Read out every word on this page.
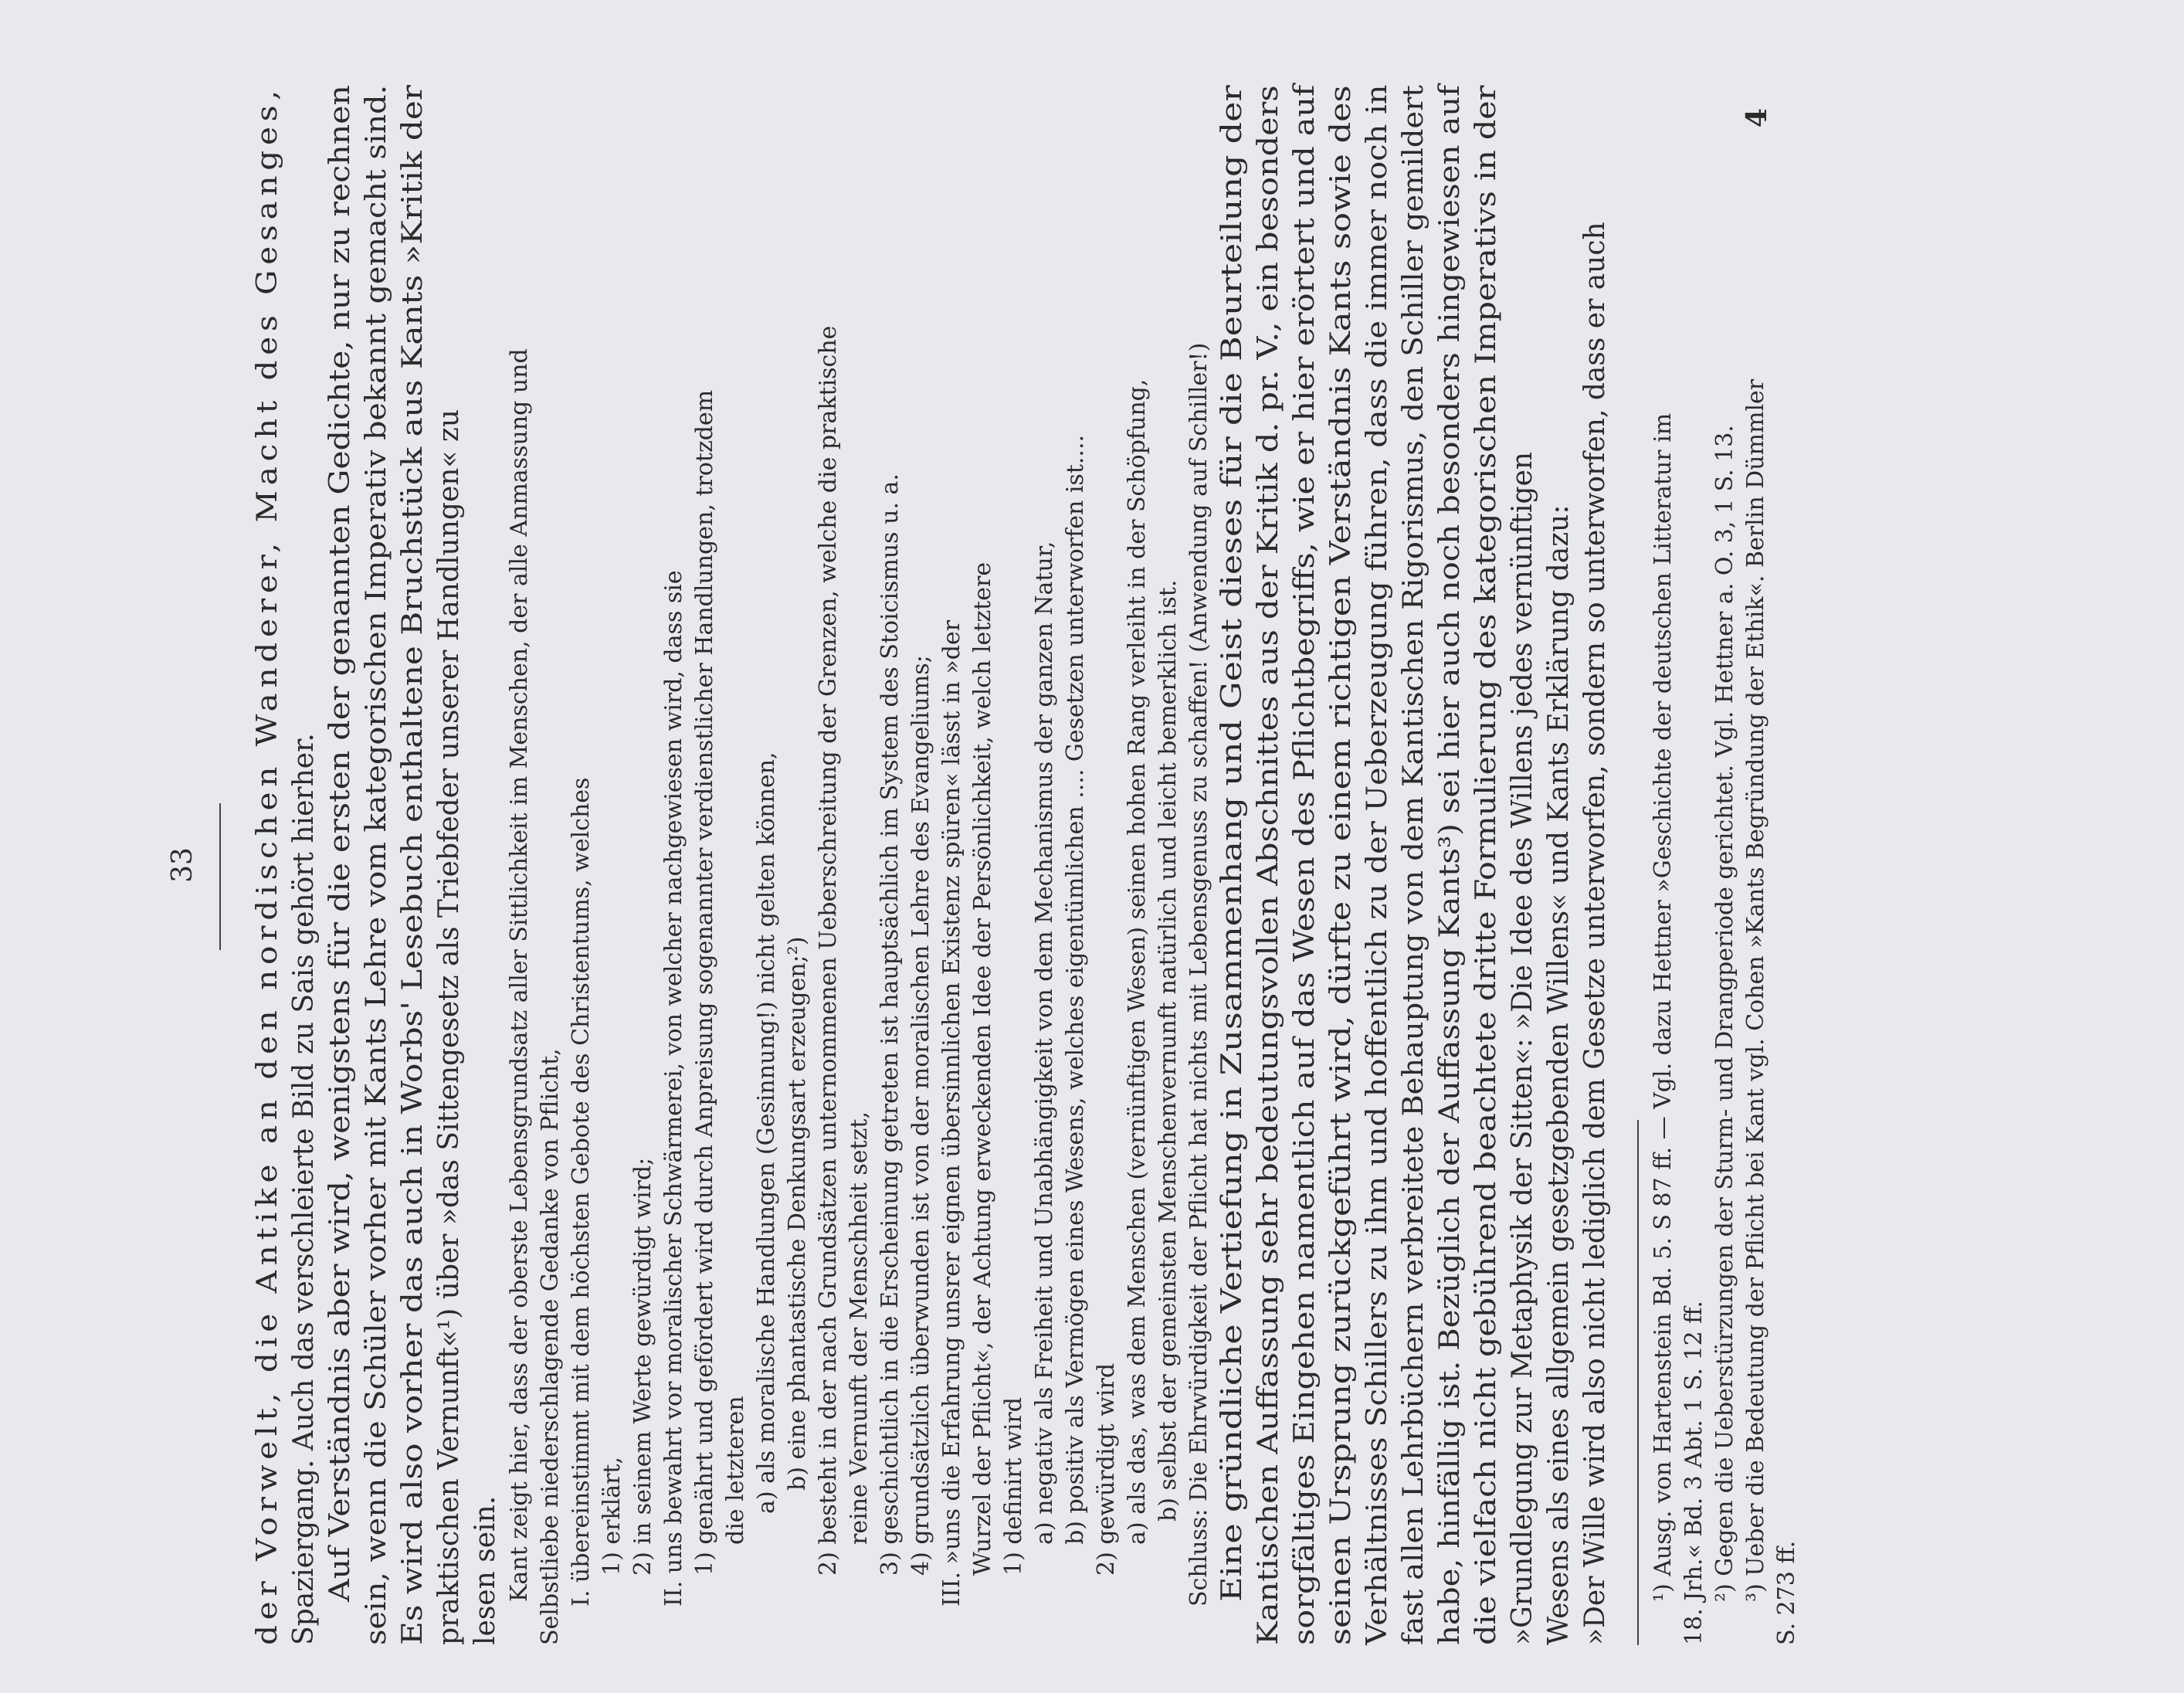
33 der Vorwelt, die Antike an den nordischen Wanderer, Macht des Gesanges, Spaziergang. Auch das verschleierte Bild zu Sais gehört hierher. Auf Verständnis aber wird, wenigstens für die ersten der genannten Gedichte, nur zu rechnen sein, wenn die Schüler vorher mit Kants Lehre vom kategorischen Imperativ bekannt gemacht sind. Es wird also vorher das auch in Worbs' Lesebuch enthaltene Bruchstück aus Kants »Kritik der praktischen Vernunft«¹) über »das Sittengesetz als Triebfeder unserer Handlungen« zu lesen sein. Kant zeigt hier, dass der oberste Lebensgrundsatz aller Sittlichkeit im Menschen, der alle Anmassung und Selbstliebe niederschlagende Gedanke von Pflicht, I. übereinstimmt mit dem höchsten Gebote des Christentums, welches 1) erklärt, 2) in seinem Werte gewürdigt wird; II. uns bewahrt vor moralischer Schwärmerei, von welcher nachgewiesen wird, dass sie 1) genährt und gefördert wird durch Anpreisung sogenannter verdienstlicher Handlungen, trotzdem die letzteren a) als moralische Handlungen (Gesinnung!) nicht gelten können, b) eine phantastische Denkungsart erzeugen;²) 2) besteht in der nach Grundsätzen unternommenen Ueberschreitung der Grenzen, welche die praktische reine Vernunft der Menschheit setzt, 3) geschichtlich in die Erscheinung getreten ist hauptsächlich im System des Stoicismus u. a. 4) grundsätzlich überwunden ist von der moralischen Lehre des Evangeliums; III. »uns die Erfahrung unsrer eignen übersinnlichen Existenz spüren« lässt in »der Wurzel der Pflicht«, der Achtung erweckenden Idee der Persönlichkeit, welch letztere 1) definirt wird a) negativ als Freiheit und Unabhängigkeit von dem Mechanismus der ganzen Natur, b) positiv als Vermögen eines Wesens, welches eigentümlichen .... Gesetzen unterworfen ist.... 2) gewürdigt wird a) als das, was dem Menschen (vernünftigen Wesen) seinen hohen Rang verleiht in der Schöpfung, b) selbst der gemeinsten Menschenvernunft natürlich und leicht bemerklich ist. Schluss: Die Ehrwürdigkeit der Pflicht hat nichts mit Lebensgenuss zu schaffen! (Anwendung auf Schiller!) Eine gründliche Vertiefung in Zusammenhang und Geist dieses für die Beurteilung der Kantischen Auffassung sehr bedeutungsvollen Abschnittes aus der Kritik d. pr. V., ein besonders sorgfältiges Eingehen namentlich auf das Wesen des Pflichtbegriffs, wie er hier erörtert und auf seinen Ursprung zurückgeführt wird, dürfte zu einem richtigen Verständnis Kants sowie des Verhältnisses Schillers zu ihm und hoffentlich zu der Ueberzeugung führen, dass die immer noch in fast allen Lehrbüchern verbreitete Behauptung von dem Kantischen Rigorismus, den Schiller gemildert habe, hinfällig ist. Bezüglich der Auffassung Kants³) sei hier auch noch besonders hingewiesen auf die vielfach nicht gebührend beachtete dritte Formulierung des kategorischen Imperativs in der »Grundlegung zur Metaphysik der Sitten«: »Die Idee des Willens jedes vernünftigen Wesens als eines allgemein gesetzgebenden Willens« und Kants Erklärung dazu: »Der Wille wird also nicht lediglich dem Gesetze unterworfen, sondern so unterworfen, dass er auch ¹) Ausg. von Hartenstein Bd. 5. S 87 ff. — Vgl. dazu Hettner »Geschichte der deutschen Litteratur im 18. Jrh.« Bd. 3 Abt. 1 S. 12 ff. ²) Gegen die Ueberstürzungen der Sturm- und Drangperiode gerichtet. Vgl. Hettner a. O. 3, 1 S. 13. ³) Ueber die Bedeutung der Pflicht bei Kant vgl. Cohen »Kants Begründung der Ethik«. Berlin Dümmler S. 273 ff.
4
